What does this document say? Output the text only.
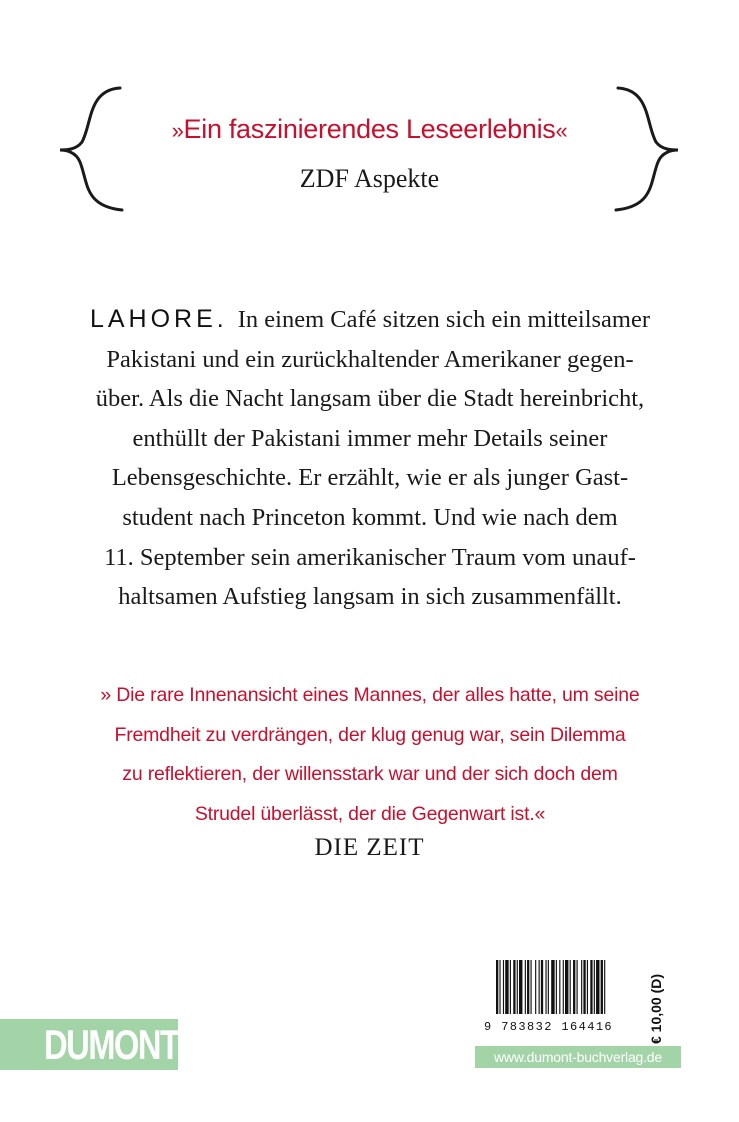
»Ein faszinierendes Leseerlebnis«
ZDF Aspekte
LAHORE. In einem Café sitzen sich ein mitteilsamer
Pakistani und ein zurückhaltender Amerikaner gegen-
über. Als die Nacht langsam über die Stadt hereinbricht,
enthüllt der Pakistani immer mehr Details seiner
Lebensgeschichte. Er erzählt, wie er als junger Gast-
student nach Princeton kommt. Und wie nach dem
11. September sein amerikanischer Traum vom unauf-
haltsamen Aufstieg langsam in sich zusammenfällt.
» Die rare Innenansicht eines Mannes, der alles hatte, um seine
Fremdheit zu verdrängen, der klug genug war, sein Dilemma
zu reflektieren, der willensstark war und der sich doch dem
Strudel überlässt, der die Gegenwart ist.«
DIE ZEIT
DUMONT	9 783832 164416	€ 10,00 (D)
www.dumont-buchverlag.de
